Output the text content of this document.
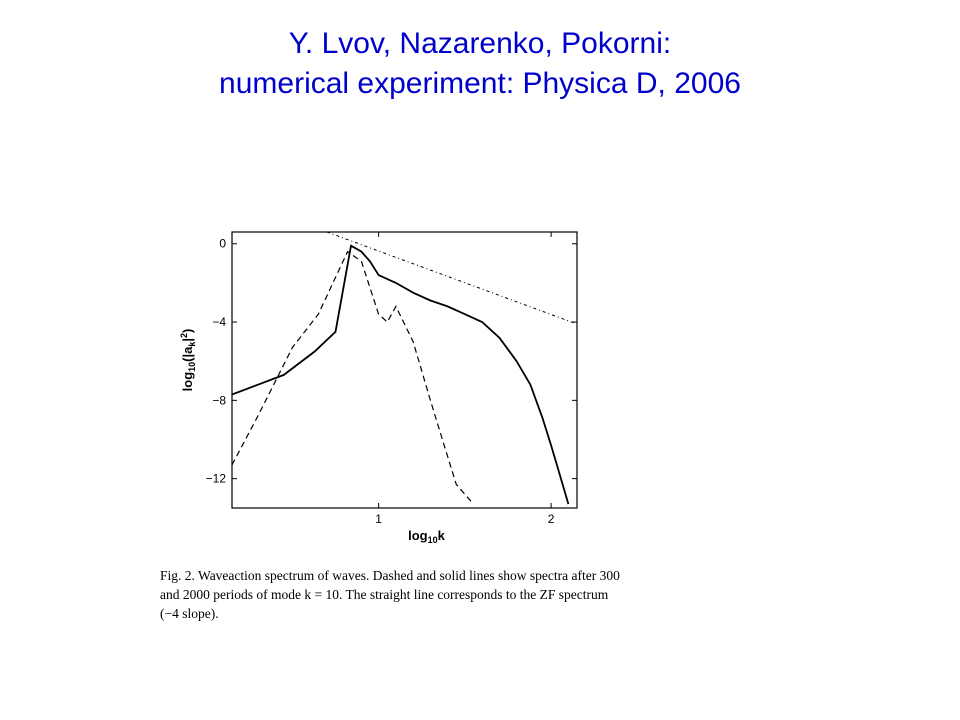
Y. Lvov, Nazarenko, Pokorni:
numerical experiment: Physica D, 2006
0
−4
−8
−12
1	2
$\log_{10}k$
$\log_{10}(|a_k|^2)$
Fig. 2. Waveaction spectrum of waves. Dashed and solid lines show spectra after 300 and 2000 periods of mode k = 10. The straight line corresponds to the ZF spectrum (−4 slope).
